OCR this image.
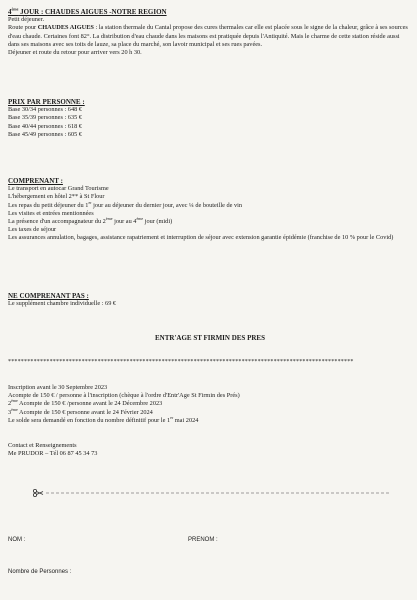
4ème JOUR : CHAUDES AIGUES -NOTRE REGION
Petit déjeuner.
Route pour CHAUDES AIGUES : la station thermale du Cantal propose des cures thermales car elle est placée sous le signe de la chaleur, grâce à ses sources d'eau chaude. Certaines font 82°. La distribution d'eau chaude dans les maisons est pratiquée depuis l'Antiquité. Mais le charme de cette station réside aussi dans ses maisons avec ses toits de lauze, sa place du marché, son lavoir municipal et ses rues pavées.
Déjeuner et route du retour pour arriver vers 20 h 30.
PRIX PAR PERSONNE :
Base 30/34 personnes : 648 €
Base 35/39 personnes : 635 €
Base 40/44 personnes : 618 €
Base 45/49 personnes : 605 €
COMPRENANT :
Le transport en autocar Grand Tourisme
L'hébergement en hôtel 2** à St Flour
Les repas du petit déjeuner du 1er jour au déjeuner du dernier jour, avec ¼ de bouteille de vin
Les visites et entrées mentionnées
La présence d'un accompagnateur du 2ème jour au 4ème jour (midi)
Les taxes de séjour
Les assurances annulation, bagages, assistance rapatriement et interruption de séjour avec extension garantie épidémie (franchise de 10 % pour le Covid)
NE COMPRENANT PAS :
Le supplément chambre individuelle : 69 €
ENTR'AGE ST FIRMIN DES PRES
************************************************************************************************************
Inscription avant le 30 Septembre 2023
Acompte de 150 € / personne à l'inscription (chèque à l'ordre d'Entr'Age St Firmin des Prés)
2ème Acompte de 150 € /personne avant le 24 Décembre 2023
3ème Acompte de 150 € personne avant le 24 Février 2024
Le solde sera demandé en fonction du nombre définitif pour le 1er mai 2024
Contact et Renseignements
Me PRUDOR – Tél 06 87 45 34 73
NOM :	PRENOM :
Nombre de Personnes :
